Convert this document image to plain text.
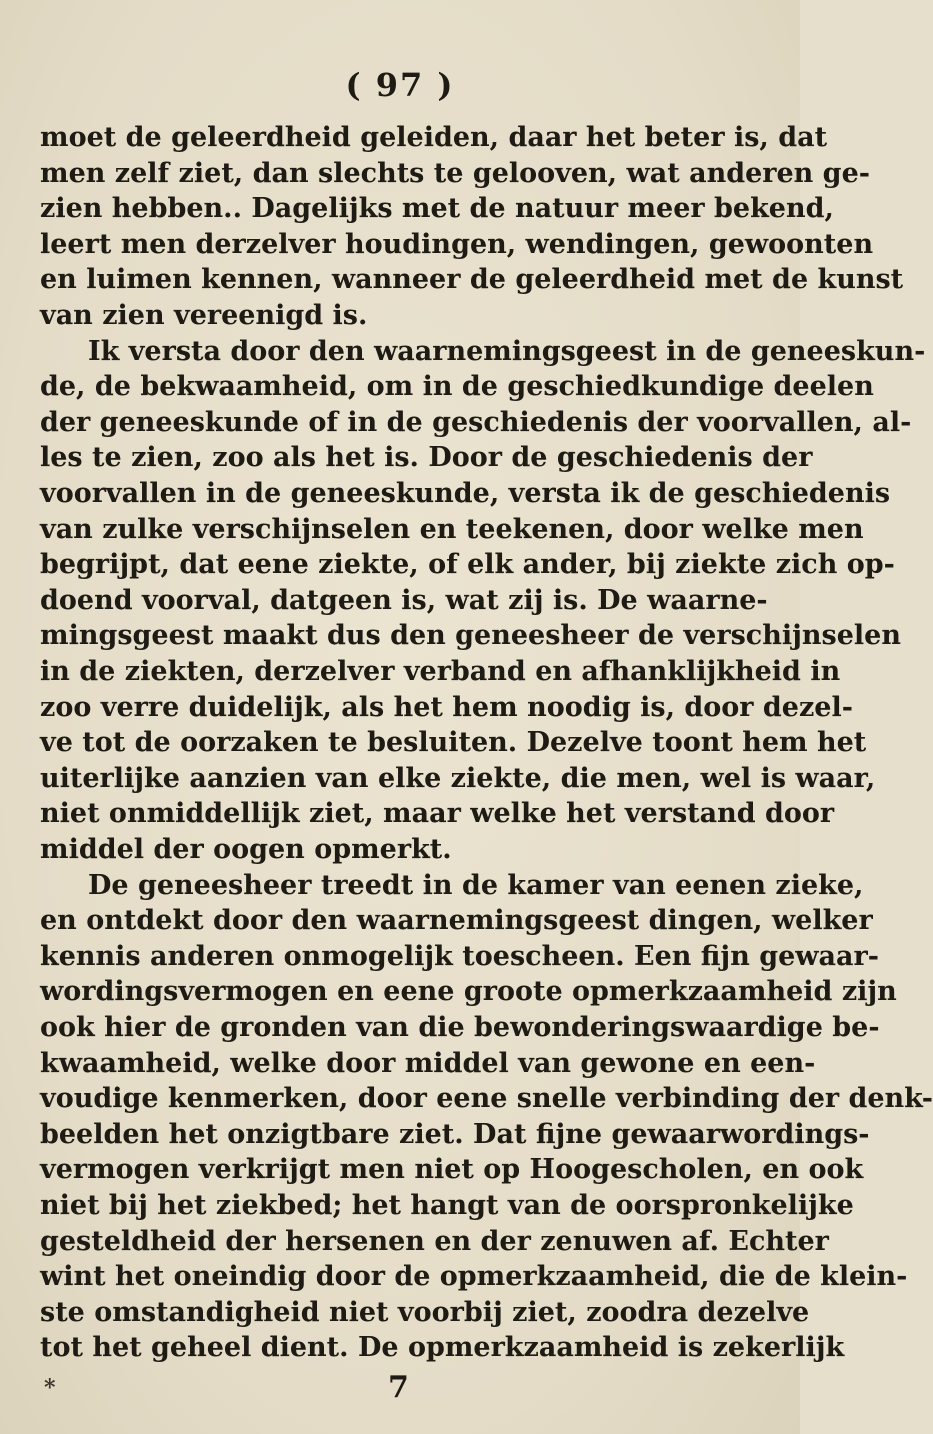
( 97 )
moet de geleerdheid geleiden, daar het beter is, dat
men zelf ziet, dan slechts te gelooven, wat anderen ge-
zien hebben.. Dagelijks met de natuur meer bekend,
leert men derzelver houdingen, wendingen, gewoonten
en luimen kennen, wanneer de geleerdheid met de kunst
van zien vereenigd is.
Ik versta door den waarnemingsgeest in de geneeskun-
de, de bekwaamheid, om in de geschiedkundige deelen
der geneeskunde of in de geschiedenis der voorvallen, al-
les te zien, zoo als het is. Door de geschiedenis der
voorvallen in de geneeskunde, versta ik de geschiedenis
van zulke verschijnselen en teekenen, door welke men
begrijpt, dat eene ziekte, of elk ander, bij ziekte zich op-
doend voorval, datgeen is, wat zij is. De waarne-
mingsgeest maakt dus den geneesheer de verschijnselen
in de ziekten, derzelver verband en afhanklijkheid in
zoo verre duidelijk, als het hem noodig is, door dezel-
ve tot de oorzaken te besluiten. Dezelve toont hem het
uiterlijke aanzien van elke ziekte, die men, wel is waar,
niet onmiddellijk ziet, maar welke het verstand door
middel der oogen opmerkt.
De geneesheer treedt in de kamer van eenen zieke,
en ontdekt door den waarnemingsgeest dingen, welker
kennis anderen onmogelijk toescheen. Een fijn gewaar-
wordingsvermogen en eene groote opmerkzaamheid zijn
ook hier de gronden van die bewonderingswaardige be-
kwaamheid, welke door middel van gewone en een-
voudige kenmerken, door eene snelle verbinding der denk-
beelden het onzigtbare ziet. Dat fijne gewaarwordings-
vermogen verkrijgt men niet op Hoogescholen, en ook
niet bij het ziekbed; het hangt van de oorspronkelijke
gesteldheid der hersenen en der zenuwen af. Echter
wint het oneindig door de opmerkzaamheid, die de klein-
ste omstandigheid niet voorbij ziet, zoodra dezelve
tot het geheel dient. De opmerkzaamheid is zekerlijk
*	7
